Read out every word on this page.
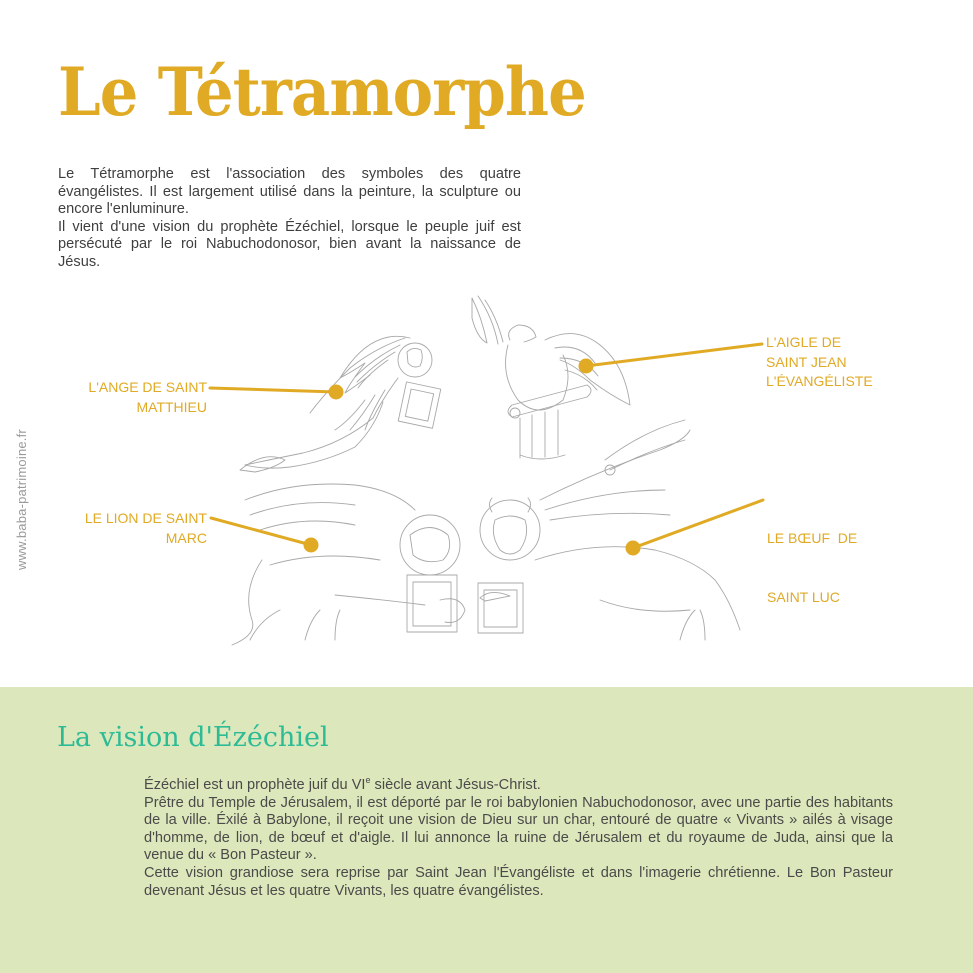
Le Tétramorphe

Le Tétramorphe est l'association des symboles des quatre évangélistes. Il est largement utilisé dans la peinture, la sculpture ou encore l'enluminure.

Il vient d'une vision du prophète Ézéchiel, lorsque le peuple juif est persécuté par le roi Nabuchodonosor, bien avant la naissance de Jésus.

www.baba-patrimoine.fr
L'ANGE DE SAINT
MATTHIEU
L'AIGLE DE
SAINT JEAN
L'ÉVANGÉLISTE
LE LION DE SAINT
MARC

	LE BŒUF  DE

SAINT LUC

La vision d'Ézéchiel

Ézéchiel est un prophète juif du VIe siècle avant Jésus-Christ.

Prêtre du Temple de Jérusalem, il est déporté par le roi babylonien Nabuchodonosor, avec une partie des habitants de la ville. Éxilé à Babylone, il reçoit une vision de Dieu sur un char, entouré de quatre « Vivants » ailés à visage d'homme, de lion, de bœuf et d'aigle. Il lui annonce la ruine de Jérusalem et du royaume de Juda, ainsi que la venue du « Bon Pasteur ».

Cette vision grandiose sera reprise par Saint Jean l'Évangéliste et dans l'imagerie chrétienne. Le Bon Pasteur devenant Jésus et les quatre Vivants, les quatre évangélistes.
